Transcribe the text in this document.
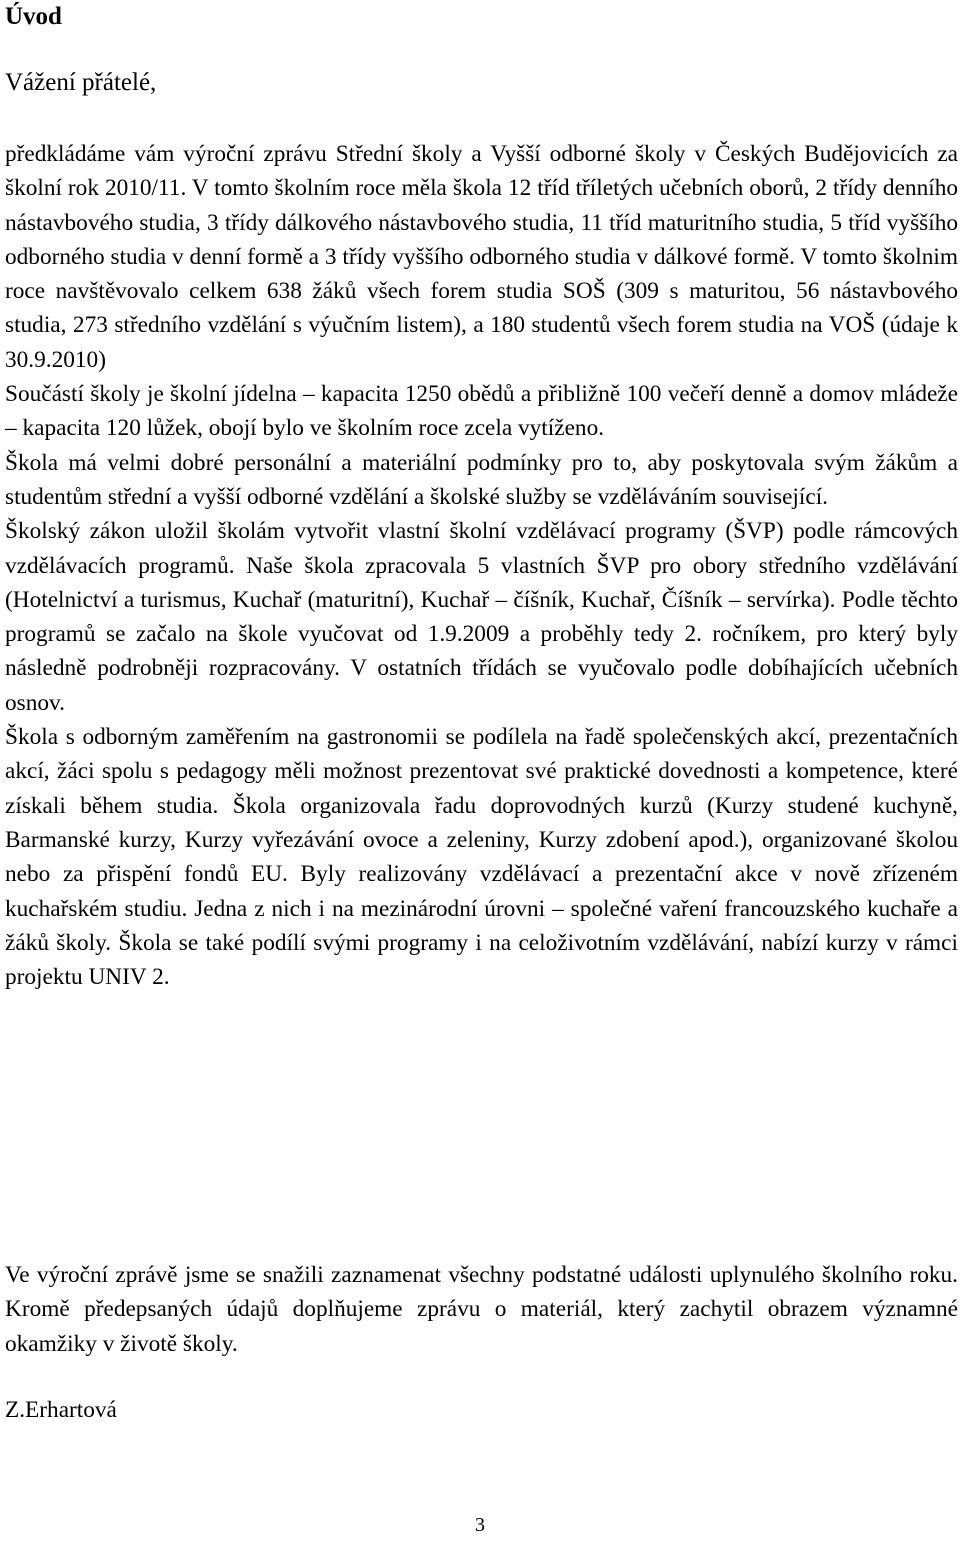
Úvod

Vážení přátelé,

předkládáme vám výroční zprávu Střední školy a Vyšší odborné školy v Českých Budějovicích za školní rok 2010/11. V tomto školním roce měla škola 12 tříd tříletých učebních oborů, 2 třídy denního nástavbového studia, 3 třídy dálkového nástavbového studia, 11 tříd maturitního studia, 5 tříd vyššího odborného studia v denní formě a 3 třídy vyššího odborného studia v dálkové formě. V tomto školnim roce navštěvovalo celkem 638 žáků všech forem studia SOŠ (309 s maturitou, 56 nástavbového studia, 273 středního vzdělání s výučním listem), a 180 studentů všech forem studia na VOŠ (údaje k 30.9.2010)

Součástí školy je školní jídelna – kapacita 1250 obědů a přibližně 100 večeří denně a domov mládeže – kapacita 120 lůžek, obojí bylo ve školním roce zcela vytíženo.

Škola má velmi dobré personální a materiální podmínky pro to, aby poskytovala svým žákům a studentům střední a vyšší odborné vzdělání a školské služby se vzděláváním související.

Školský zákon uložil školám vytvořit vlastní školní vzdělávací programy (ŠVP) podle rámcových vzdělávacích programů. Naše škola zpracovala 5 vlastních ŠVP pro obory středního vzdělávání (Hotelnictví a turismus, Kuchař (maturitní), Kuchař – číšník, Kuchař, Číšník – servírka). Podle těchto programů se začalo na škole vyučovat od 1.9.2009 a proběhly tedy 2. ročníkem, pro který byly následně podrobněji rozpracovány. V ostatních třídách se vyučovalo podle dobíhajících učebních osnov.

Škola s odborným zaměřením na gastronomii se podílela na řadě společenských akcí, prezentačních akcí, žáci spolu s pedagogy měli možnost prezentovat své praktické dovednosti a kompetence, které získali během studia. Škola organizovala řadu doprovodných kurzů (Kurzy studené kuchyně, Barmanské kurzy, Kurzy vyřezávání ovoce a zeleniny, Kurzy zdobení apod.), organizované školou nebo za přispění fondů EU. Byly realizovány vzdělávací a prezentační akce v nově zřízeném kuchařském studiu. Jedna z nich i na mezinárodní úrovni – společné vaření francouzského kuchaře a žáků školy. Škola se také podílí svými programy i na celoživotním vzdělávání, nabízí kurzy v rámci projektu UNIV 2.

Ve výroční zprávě jsme se snažili zaznamenat všechny podstatné události uplynulého školního roku. Kromě předepsaných údajů doplňujeme zprávu o materiál, který zachytil obrazem významné okamžiky v životě školy.

Z.Erhartová

3
